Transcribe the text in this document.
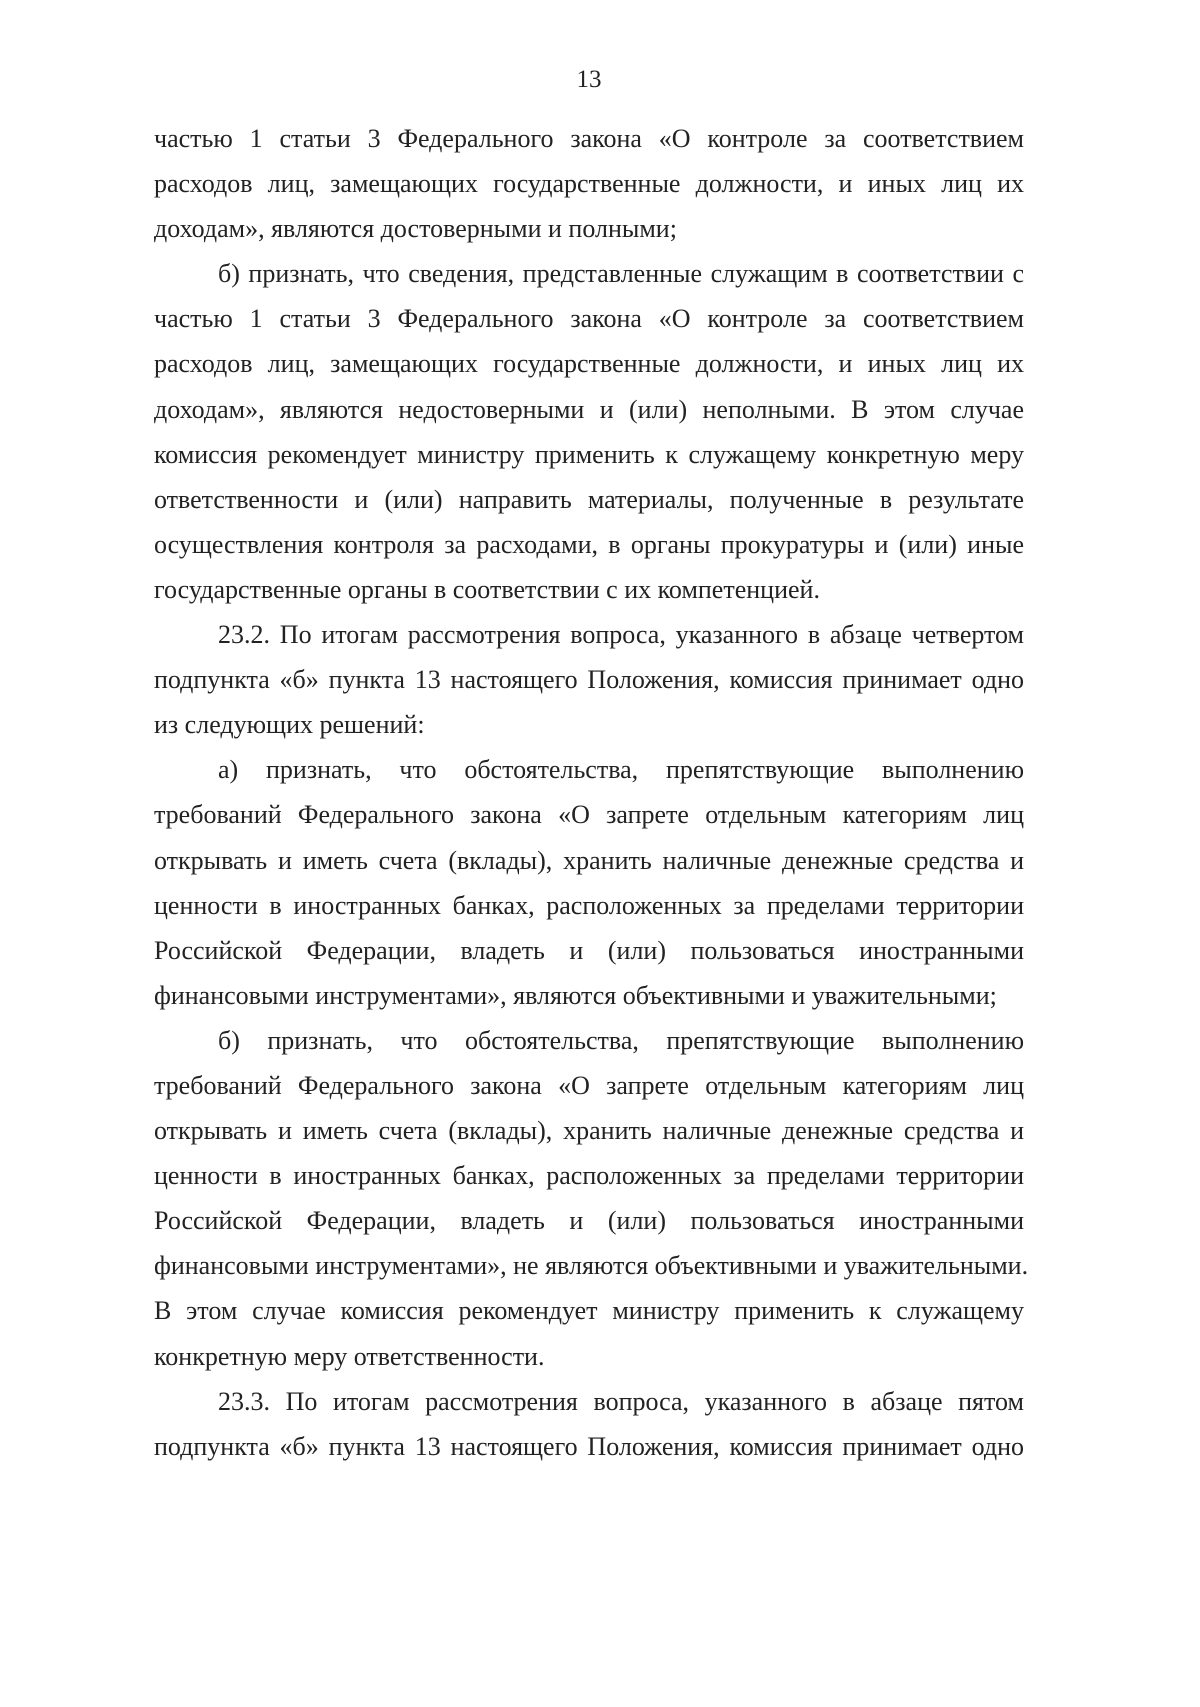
13
частью 1 статьи 3 Федерального закона «О контроле за соответствием
расходов лиц, замещающих государственные должности, и иных лиц их
доходам», являются достоверными и полными;
б) признать, что сведения, представленные служащим в соответствии с
частью 1 статьи 3 Федерального закона «О контроле за соответствием
расходов лиц, замещающих государственные должности, и иных лиц их
доходам», являются недостоверными и (или) неполными. В этом случае
комиссия рекомендует министру применить к служащему конкретную меру
ответственности и (или) направить материалы, полученные в результате
осуществления контроля за расходами, в органы прокуратуры и (или) иные
государственные органы в соответствии с их компетенцией.
23.2. По итогам рассмотрения вопроса, указанного в абзаце четвертом
подпункта «б» пункта 13 настоящего Положения, комиссия принимает одно
из следующих решений:
а) признать, что обстоятельства, препятствующие выполнению
требований Федерального закона «О запрете отдельным категориям лиц
открывать и иметь счета (вклады), хранить наличные денежные средства и
ценности в иностранных банках, расположенных за пределами территории
Российской Федерации, владеть и (или) пользоваться иностранными
финансовыми инструментами», являются объективными и уважительными;
б) признать, что обстоятельства, препятствующие выполнению
требований Федерального закона «О запрете отдельным категориям лиц
открывать и иметь счета (вклады), хранить наличные денежные средства и
ценности в иностранных банках, расположенных за пределами территории
Российской Федерации, владеть и (или) пользоваться иностранными
финансовыми инструментами», не являются объективными и уважительными.
В этом случае комиссия рекомендует министру применить к служащему
конкретную меру ответственности.
23.3. По итогам рассмотрения вопроса, указанного в абзаце пятом
подпункта «б» пункта 13 настоящего Положения, комиссия принимает одно
